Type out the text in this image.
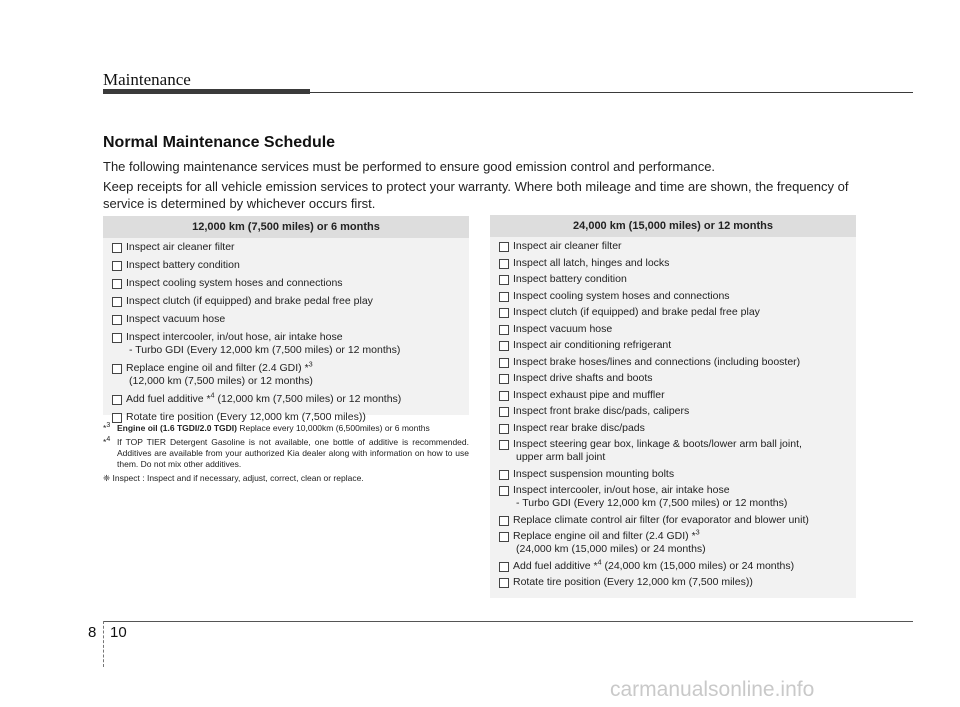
Maintenance
Normal Maintenance Schedule
The following maintenance services must be performed to ensure good emission control and performance.
Keep receipts for all vehicle emission services to protect your warranty. Where both mileage and time are shown, the frequency of service is determined by whichever occurs first.
12,000 km (7,500 miles) or 6 months
Inspect air cleaner filter
Inspect battery condition
Inspect cooling system hoses and connections
Inspect clutch (if equipped) and brake pedal free play
Inspect vacuum hose
Inspect intercooler, in/out hose, air intake hose
- Turbo GDI (Every 12,000 km (7,500 miles) or 12 months)
Replace engine oil and filter (2.4 GDI) *$^3$
(12,000 km (7,500 miles) or 12 months)
Add fuel additive *$^4$ (12,000 km (7,500 miles) or 12 months)
Rotate tire position (Every 12,000 km (7,500 miles))
*$^3$ Engine oil (1.6 TGDI/2.0 TGDI) Replace every 10,000km (6,500miles) or 6 months
*$^4$ If TOP TIER Detergent Gasoline is not available, one bottle of additive is recommended. Additives are available from your authorized Kia dealer along with information on how to use them. Do not mix other additives.
❈ Inspect : Inspect and if necessary, adjust, correct, clean or replace.
24,000 km (15,000 miles) or 12 months
Inspect air cleaner filter
Inspect all latch, hinges and locks
Inspect battery condition
Inspect cooling system hoses and connections
Inspect clutch (if equipped) and brake pedal free play
Inspect vacuum hose
Inspect air conditioning refrigerant
Inspect brake hoses/lines and connections (including booster)
Inspect drive shafts and boots
Inspect exhaust pipe and muffler
Inspect front brake disc/pads, calipers
Inspect rear brake disc/pads
Inspect steering gear box, linkage & boots/lower arm ball joint,
upper arm ball joint
Inspect suspension mounting bolts
Inspect intercooler, in/out hose, air intake hose
- Turbo GDI (Every 12,000 km (7,500 miles) or 12 months)
Replace climate control air filter (for evaporator and blower unit)
Replace engine oil and filter (2.4 GDI) *$^3$
(24,000 km (15,000 miles) or 24 months)
Add fuel additive *$^4$ (24,000 km (15,000 miles) or 24 months)
Rotate tire position (Every 12,000 km (7,500 miles))
8 10
carmanualsonline.info
